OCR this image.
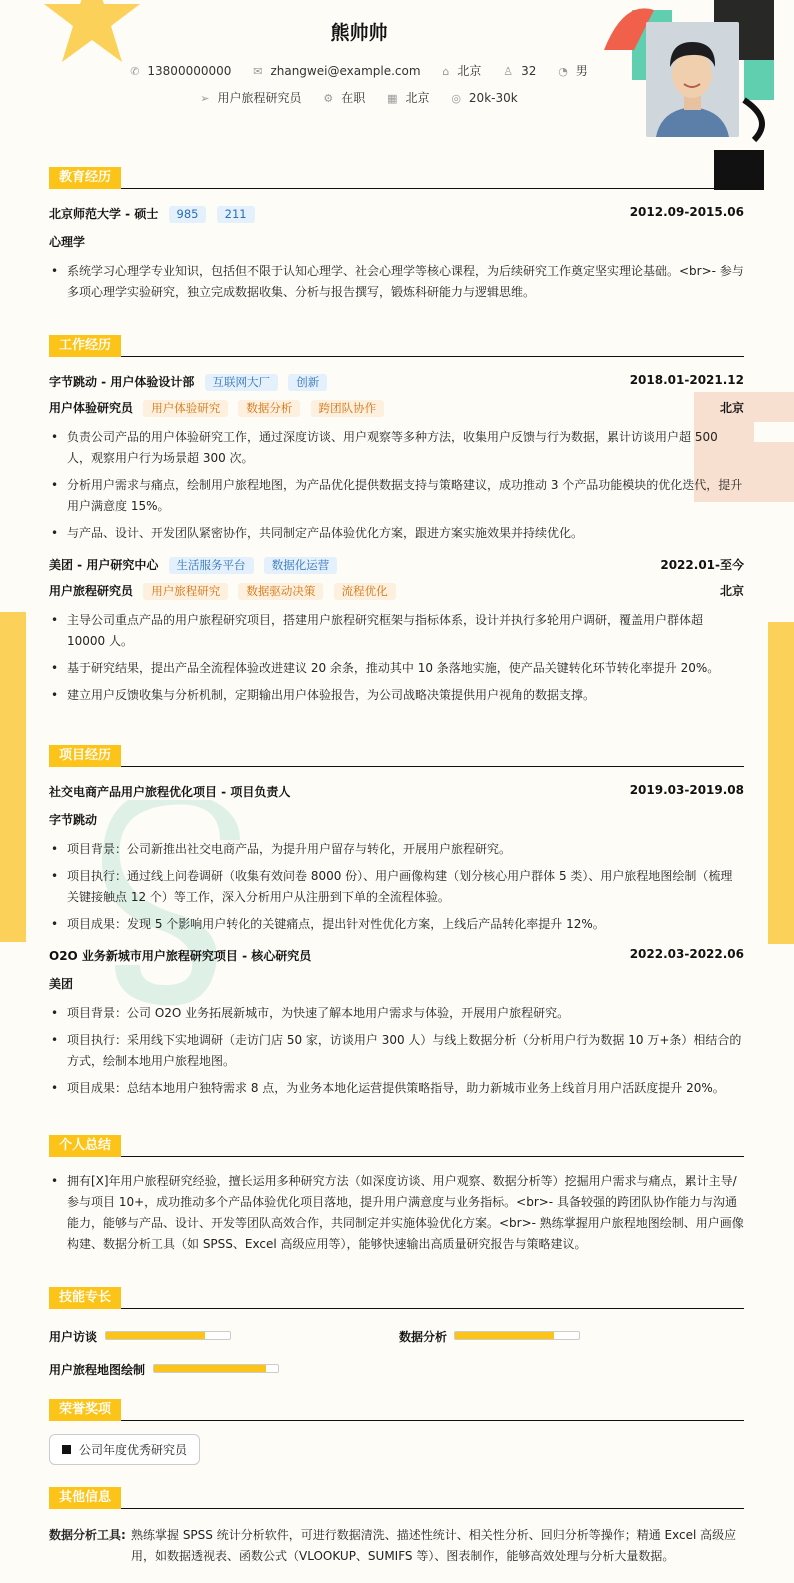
熊帅帅
✆ 13800000000 ✉ zhangwei@example.com ⌂ 北京 ♙ 32 ◔ 男
➢ 用户旅程研究员 ⚙ 在职 ▦ 北京 ◎ 20k-30k
教育经历
北京师范大学 - 硕士 985 211	2012.09-2015.06
心理学
• 系统学习心理学专业知识，包括但不限于认知心理学、社会心理学等核心课程，为后续研究工作奠定坚实理论基础。<br>- 参与多项心理学实验研究，独立完成数据收集、分析与报告撰写，锻炼科研能力与逻辑思维。
工作经历
字节跳动 - 用户体验设计部 互联网大厂 创新	2018.01-2021.12
用户体验研究员 用户体验研究 数据分析 跨团队协作	北京
• 负责公司产品的用户体验研究工作，通过深度访谈、用户观察等多种方法，收集用户反馈与行为数据，累计访谈用户超 500 人，观察用户行为场景超 300 次。
• 分析用户需求与痛点，绘制用户旅程地图，为产品优化提供数据支持与策略建议，成功推动 3 个产品功能模块的优化迭代，提升用户满意度 15%。
• 与产品、设计、开发团队紧密协作，共同制定产品体验优化方案，跟进方案实施效果并持续优化。
美团 - 用户研究中心 生活服务平台 数据化运营	2022.01-至今
用户旅程研究员 用户旅程研究 数据驱动决策 流程优化	北京
• 主导公司重点产品的用户旅程研究项目，搭建用户旅程研究框架与指标体系，设计并执行多轮用户调研，覆盖用户群体超 10000 人。
• 基于研究结果，提出产品全流程体验改进建议 20 余条，推动其中 10 条落地实施，使产品关键转化环节转化率提升 20%。
• 建立用户反馈收集与分析机制，定期输出用户体验报告，为公司战略决策提供用户视角的数据支撑。
项目经历
社交电商产品用户旅程优化项目 - 项目负责人	2019.03-2019.08
字节跳动
• 项目背景：公司新推出社交电商产品，为提升用户留存与转化，开展用户旅程研究。
• 项目执行：通过线上问卷调研（收集有效问卷 8000 份）、用户画像构建（划分核心用户群体 5 类）、用户旅程地图绘制（梳理关键接触点 12 个）等工作，深入分析用户从注册到下单的全流程体验。
• 项目成果：发现 5 个影响用户转化的关键痛点，提出针对性优化方案，上线后产品转化率提升 12%。
O2O 业务新城市用户旅程研究项目 - 核心研究员	2022.03-2022.06
美团
• 项目背景：公司 O2O 业务拓展新城市，为快速了解本地用户需求与体验，开展用户旅程研究。
• 项目执行：采用线下实地调研（走访门店 50 家，访谈用户 300 人）与线上数据分析（分析用户行为数据 10 万+条）相结合的方式，绘制本地用户旅程地图。
• 项目成果：总结本地用户独特需求 8 点，为业务本地化运营提供策略指导，助力新城市业务上线首月用户活跃度提升 20%。
个人总结
• 拥有[X]年用户旅程研究经验，擅长运用多种研究方法（如深度访谈、用户观察、数据分析等）挖掘用户需求与痛点，累计主导/参与项目 10+，成功推动多个产品体验优化项目落地，提升用户满意度与业务指标。<br>- 具备较强的跨团队协作能力与沟通能力，能够与产品、设计、开发等团队高效合作，共同制定并实施体验优化方案。<br>- 熟练掌握用户旅程地图绘制、用户画像构建、数据分析工具（如 SPSS、Excel 高级应用等），能够快速输出高质量研究报告与策略建议。
技能专长
用户访谈	数据分析
用户旅程地图绘制
荣誉奖项
公司年度优秀研究员
其他信息
数据分析工具: 熟练掌握 SPSS 统计分析软件，可进行数据清洗、描述性统计、相关性分析、回归分析等操作；精通 Excel 高级应用，如数据透视表、函数公式（VLOOKUP、SUMIFS 等）、图表制作，能够高效处理与分析大量数据。
